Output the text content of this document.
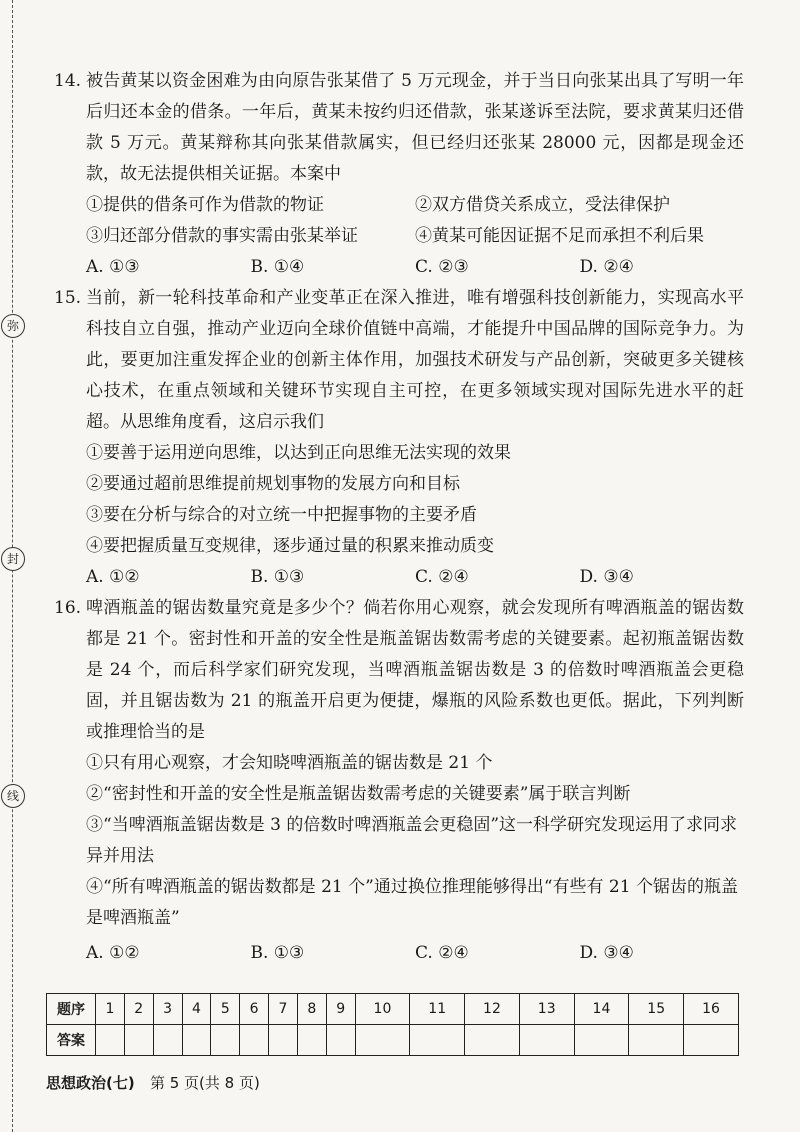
弥
封
线

14. 被告黄某以资金困难为由向原告张某借了 5 万元现金，并于当日向张某出具了写明一年后归还本金的借条。一年后，黄某未按约归还借款，张某遂诉至法院，要求黄某归还借款 5 万元。黄某辩称其向张某借款属实，但已经归还张某 28000 元，因都是现金还款，故无法提供相关证据。本案中

①提供的借条可作为借款的物证	②双方借贷关系成立，受法律保护
③归还部分借款的事实需由张某举证	④黄某可能因证据不足而承担不利后果
A. ①③	B. ①④	C. ②③	D. ②④

15. 当前，新一轮科技革命和产业变革正在深入推进，唯有增强科技创新能力，实现高水平科技自立自强，推动产业迈向全球价值链中高端，才能提升中国品牌的国际竞争力。为此，要更加注重发挥企业的创新主体作用，加强技术研发与产品创新，突破更多关键核心技术，在重点领域和关键环节实现自主可控，在更多领域实现对国际先进水平的赶超。从思维角度看，这启示我们

①要善于运用逆向思维，以达到正向思维无法实现的效果

②要通过超前思维提前规划事物的发展方向和目标

③要在分析与综合的对立统一中把握事物的主要矛盾

④要把握质量互变规律，逐步通过量的积累来推动质变

A. ①②	B. ①③	C. ②④	D. ③④

16. 啤酒瓶盖的锯齿数量究竟是多少个？倘若你用心观察，就会发现所有啤酒瓶盖的锯齿数都是 21 个。密封性和开盖的安全性是瓶盖锯齿数需考虑的关键要素。起初瓶盖锯齿数是 24 个，而后科学家们研究发现，当啤酒瓶盖锯齿数是 3 的倍数时啤酒瓶盖会更稳固，并且锯齿数为 21 的瓶盖开启更为便捷，爆瓶的风险系数也更低。据此，下列判断或推理恰当的是

①只有用心观察，才会知晓啤酒瓶盖的锯齿数是 21 个

②“密封性和开盖的安全性是瓶盖锯齿数需考虑的关键要素”属于联言判断

③“当啤酒瓶盖锯齿数是 3 的倍数时啤酒瓶盖会更稳固”这一科学研究发现运用了求同求异并用法

④“所有啤酒瓶盖的锯齿数都是 21 个”通过换位推理能够得出“有些有 21 个锯齿的瓶盖是啤酒瓶盖”

A. ①②	B. ①③	C. ②④	D. ③④
题序	1	2	3	4	5	6	7	8	9	10	11	12	13	14	15	16
答案																
思想政治(七) 第 5 页(共 8 页)
